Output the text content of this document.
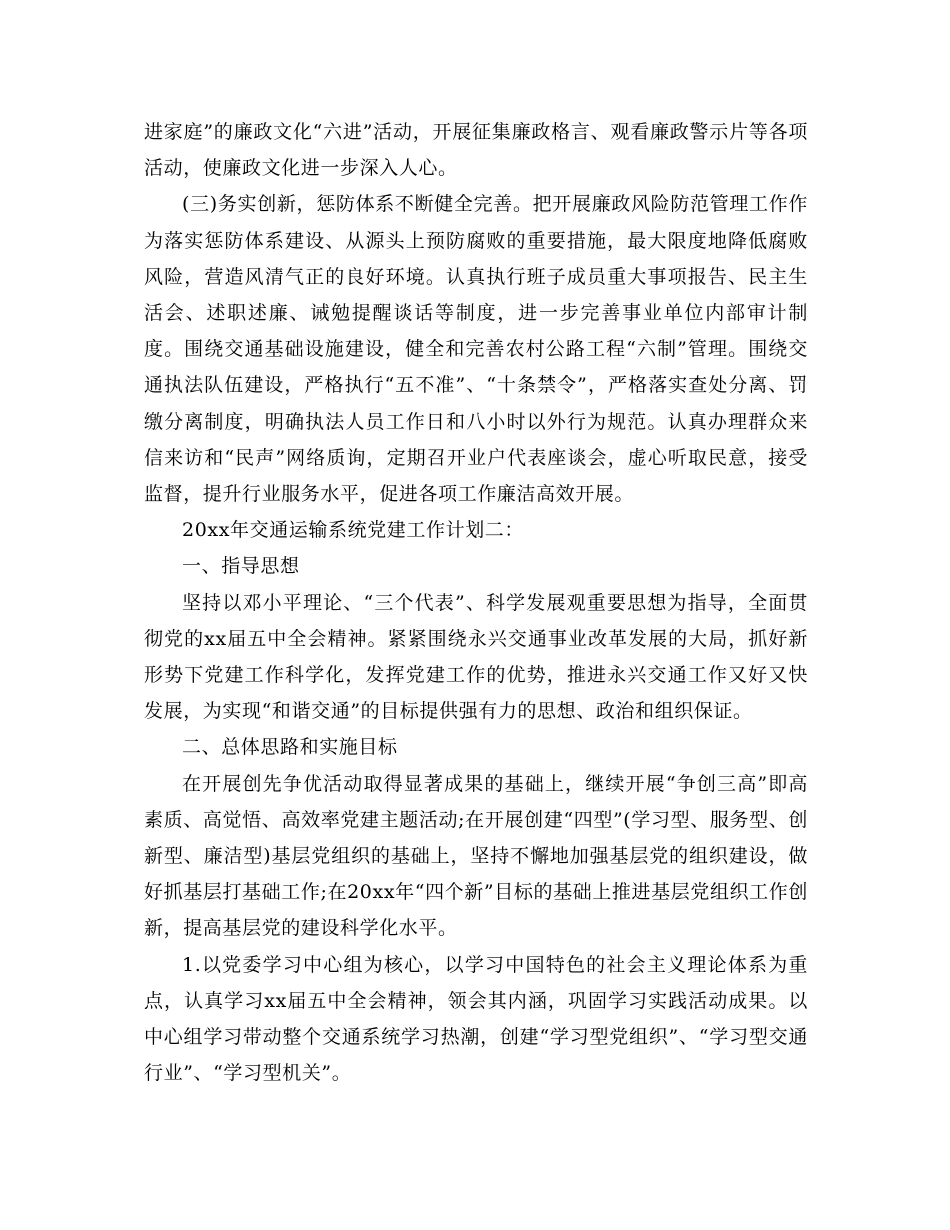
进家庭”的廉政文化“六进”活动，开展征集廉政格言、观看廉政警示片等各项活动，使廉政文化进一步深入人心。

(三)务实创新，惩防体系不断健全完善。把开展廉政风险防范管理工作作为落实惩防体系建设、从源头上预防腐败的重要措施，最大限度地降低腐败风险，营造风清气正的良好环境。认真执行班子成员重大事项报告、民主生活会、述职述廉、诫勉提醒谈话等制度，进一步完善事业单位内部审计制度。围绕交通基础设施建设，健全和完善农村公路工程“六制”管理。围绕交通执法队伍建设，严格执行“五不准”、“十条禁令”，严格落实查处分离、罚缴分离制度，明确执法人员工作日和八小时以外行为规范。认真办理群众来信来访和“民声”网络质询，定期召开业户代表座谈会，虚心听取民意，接受监督，提升行业服务水平，促进各项工作廉洁高效开展。

20xx年交通运输系统党建工作计划二：

一、指导思想

坚持以邓小平理论、“三个代表”、科学发展观重要思想为指导，全面贯彻党的xx届五中全会精神。紧紧围绕永兴交通事业改革发展的大局，抓好新形势下党建工作科学化，发挥党建工作的优势，推进永兴交通工作又好又快发展，为实现“和谐交通”的目标提供强有力的思想、政治和组织保证。

二、总体思路和实施目标

在开展创先争优活动取得显著成果的基础上，继续开展“争创三高”即高素质、高觉悟、高效率党建主题活动;在开展创建“四型”(学习型、服务型、创新型、廉洁型)基层党组织的基础上，坚持不懈地加强基层党的组织建设，做好抓基层打基础工作;在20xx年“四个新”目标的基础上推进基层党组织工作创新，提高基层党的建设科学化水平。

1.以党委学习中心组为核心，以学习中国特色的社会主义理论体系为重点，认真学习xx届五中全会精神，领会其内涵，巩固学习实践活动成果。以中心组学习带动整个交通系统学习热潮，创建“学习型党组织”、“学习型交通行业”、“学习型机关”。
